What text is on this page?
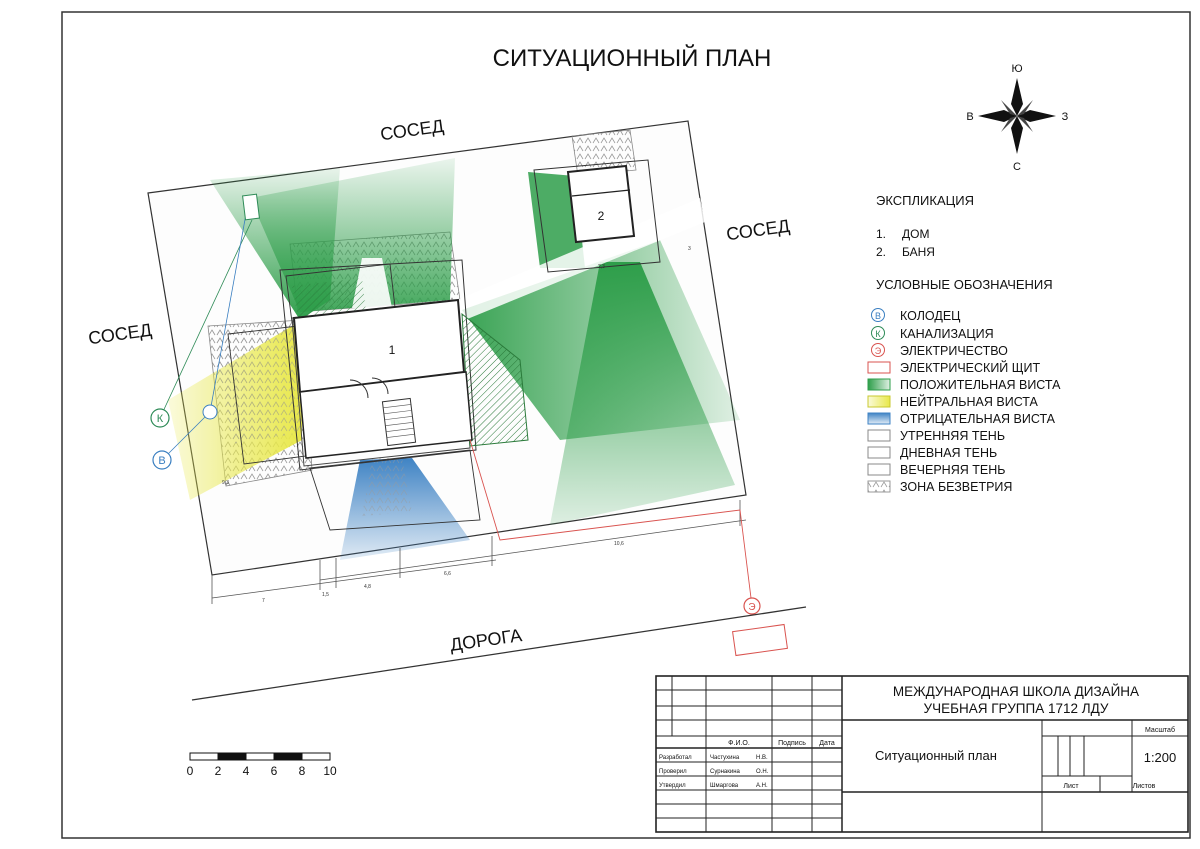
СИТУАЦИОННЫЙ ПЛАН
1
2
2,3
3
7
1,5
4,8
6,6
10,6
9,3
К
В
Э
СОСЕД
СОСЕД
СОСЕД
ДОРОГА
Ю
С
В	З
ЭКСПЛИКАЦИЯ
1. ДОМ
2. БАНЯ
УСЛОВНЫЕ ОБОЗНАЧЕНИЯ
В КОЛОДЕЦ
К КАНАЛИЗАЦИЯ
Э ЭЛЕКТРИЧЕСТВО
ЭЛЕКТРИЧЕСКИЙ ЩИТ
ПОЛОЖИТЕЛЬНАЯ ВИСТА
НЕЙТРАЛЬНАЯ ВИСТА
ОТРИЦАТЕЛЬНАЯ ВИСТА
УТРЕННЯЯ ТЕНЬ
ДНЕВНАЯ ТЕНЬ
ВЕЧЕРНЯЯ ТЕНЬ
ЗОНА БЕЗВЕТРИЯ
0 2 4 6 8 10
МЕЖДУНАРОДНАЯ ШКОЛА ДИЗАЙНА
УЧЕБНАЯ ГРУППА 1712 ЛДУ
Ситуационный план
Масштаб
1:200
Лист	Листов
Ф.И.О.	Подпись Дата
Разработал	Частухина	Н.В.
Проверил	Сурнакина	О.Н.
Утвердил	Шмаргова	А.Н.
